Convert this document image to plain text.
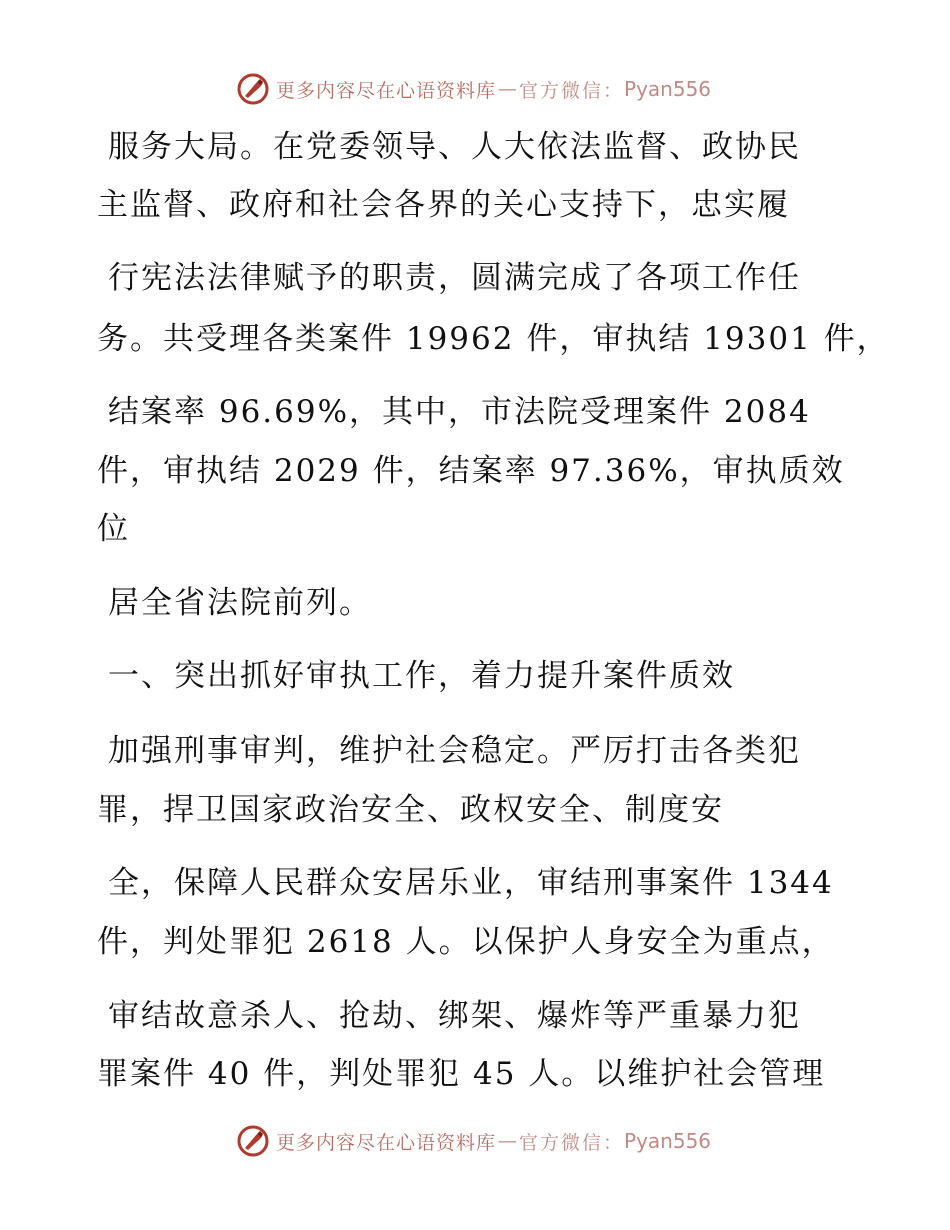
更多内容尽在心语资料库 — 官方微信： Pyan556
服务大局。在党委领导、人大依法监督、政协民
主监督、政府和社会各界的关心支持下，忠实履
行宪法法律赋予的职责，圆满完成了各项工作任
务。共受理各类案件 19962 件，审执结 19301 件，
结案率 96.69%，其中，市法院受理案件 2084
件，审执结 2029 件，结案率 97.36%，审执质效
位
居全省法院前列。
一、突出抓好审执工作，着力提升案件质效
加强刑事审判，维护社会稳定。严厉打击各类犯
罪，捍卫国家政治安全、政权安全、制度安
全，保障人民群众安居乐业，审结刑事案件 1344
件，判处罪犯 2618 人。以保护人身安全为重点，
审结故意杀人、抢劫、绑架、爆炸等严重暴力犯
罪案件 40 件，判处罪犯 45 人。以维护社会管理
更多内容尽在心语资料库 — 官方微信： Pyan556
